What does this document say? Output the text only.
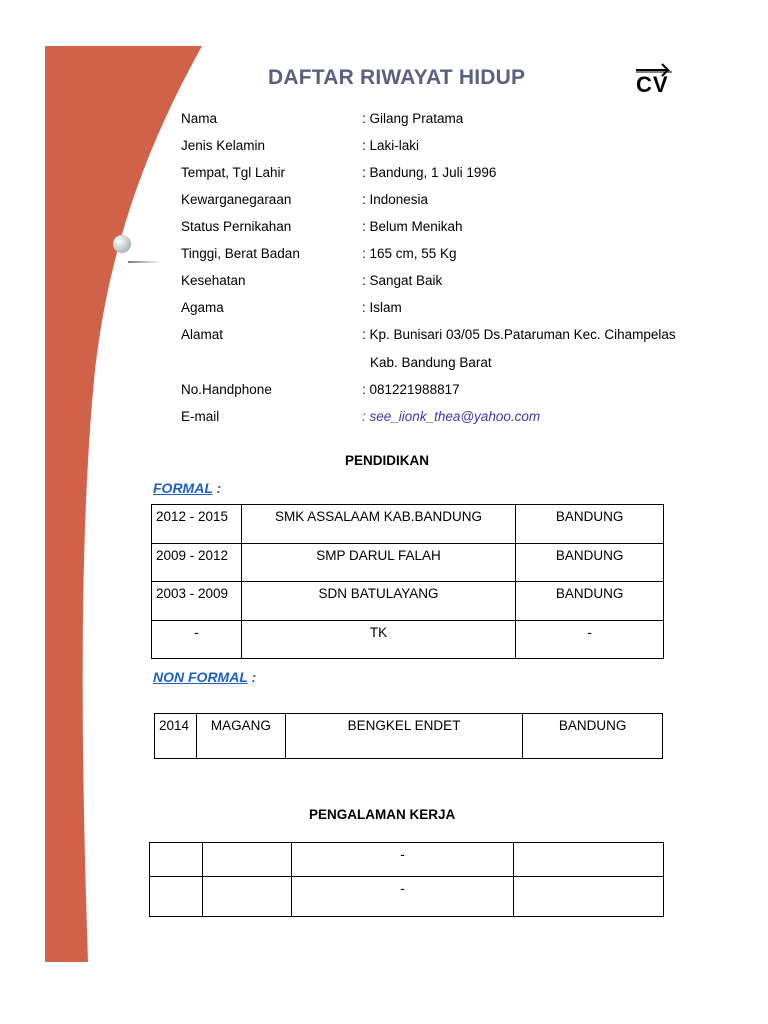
DAFTAR RIWAYAT HIDUP	CV
Nama	: Gilang Pratama
Jenis Kelamin	: Laki-laki
Tempat, Tgl Lahir	: Bandung, 1 Juli 1996
Kewarganegaraan	: Indonesia
Status Pernikahan	: Belum Menikah
Tinggi, Berat Badan	: 165 cm, 55 Kg
Kesehatan	: Sangat Baik
Agama	: Islam
Alamat	: Kp. Bunisari 03/05 Ds.Pataruman Kec. Cihampelas
Kab. Bandung Barat
No.Handphone	: 081221988817
E-mail	: see_iionk_thea@yahoo.com
PENDIDIKAN
FORMAL :
2012 - 2015	SMK ASSALAAM KAB.BANDUNG	BANDUNG
2009 - 2012	SMP DARUL FALAH	BANDUNG
2003 - 2009	SDN BATULAYANG	BANDUNG
-	TK	-
NON FORMAL :
2014	MAGANG	BENGKEL ENDET	BANDUNG
PENGALAMAN KERJA
		-	
		-	
